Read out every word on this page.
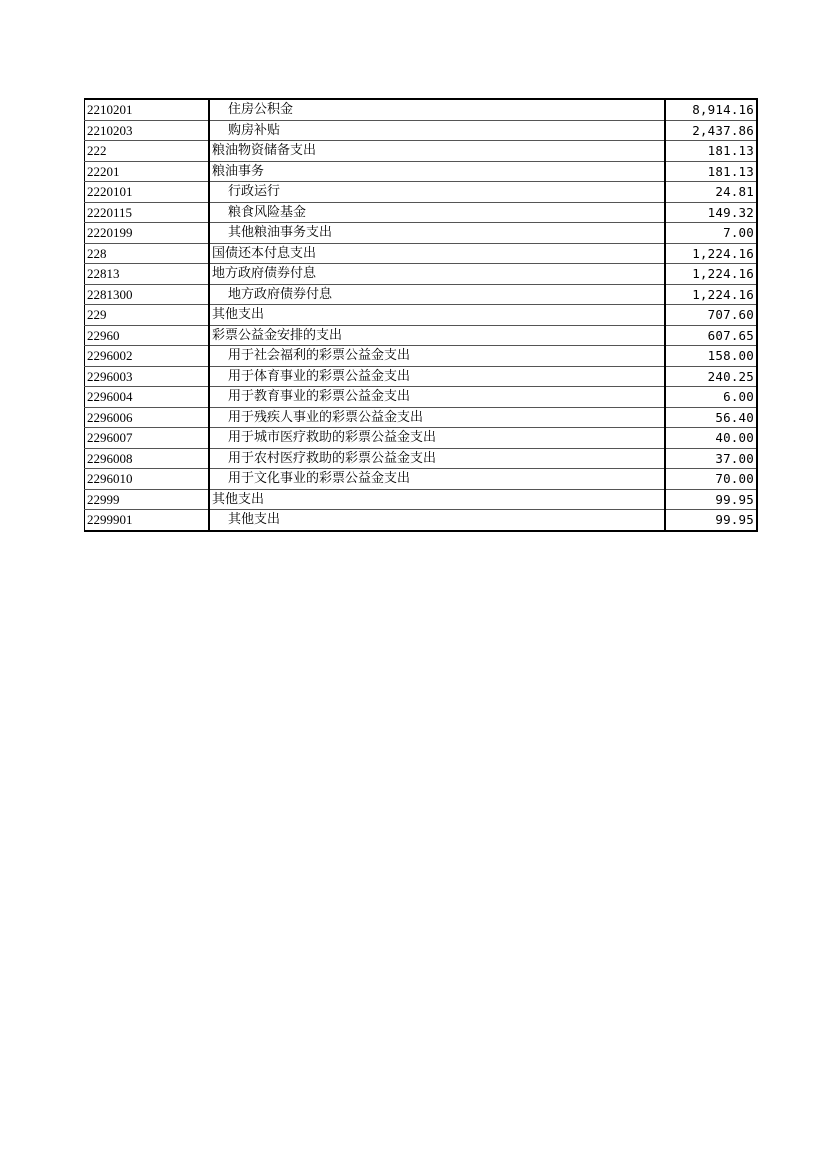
2210201	住房公积金	8,914.16
2210203	购房补贴	2,437.86
222	粮油物资储备支出	181.13
22201	粮油事务	181.13
2220101	行政运行	24.81
2220115	粮食风险基金	149.32
2220199	其他粮油事务支出	7.00
228	国债还本付息支出	1,224.16
22813	地方政府债券付息	1,224.16
2281300	地方政府债券付息	1,224.16
229	其他支出	707.60
22960	彩票公益金安排的支出	607.65
2296002	用于社会福利的彩票公益金支出	158.00
2296003	用于体育事业的彩票公益金支出	240.25
2296004	用于教育事业的彩票公益金支出	6.00
2296006	用于残疾人事业的彩票公益金支出	56.40
2296007	用于城市医疗救助的彩票公益金支出	40.00
2296008	用于农村医疗救助的彩票公益金支出	37.00
2296010	用于文化事业的彩票公益金支出	70.00
22999	其他支出	99.95
2299901	其他支出	99.95
